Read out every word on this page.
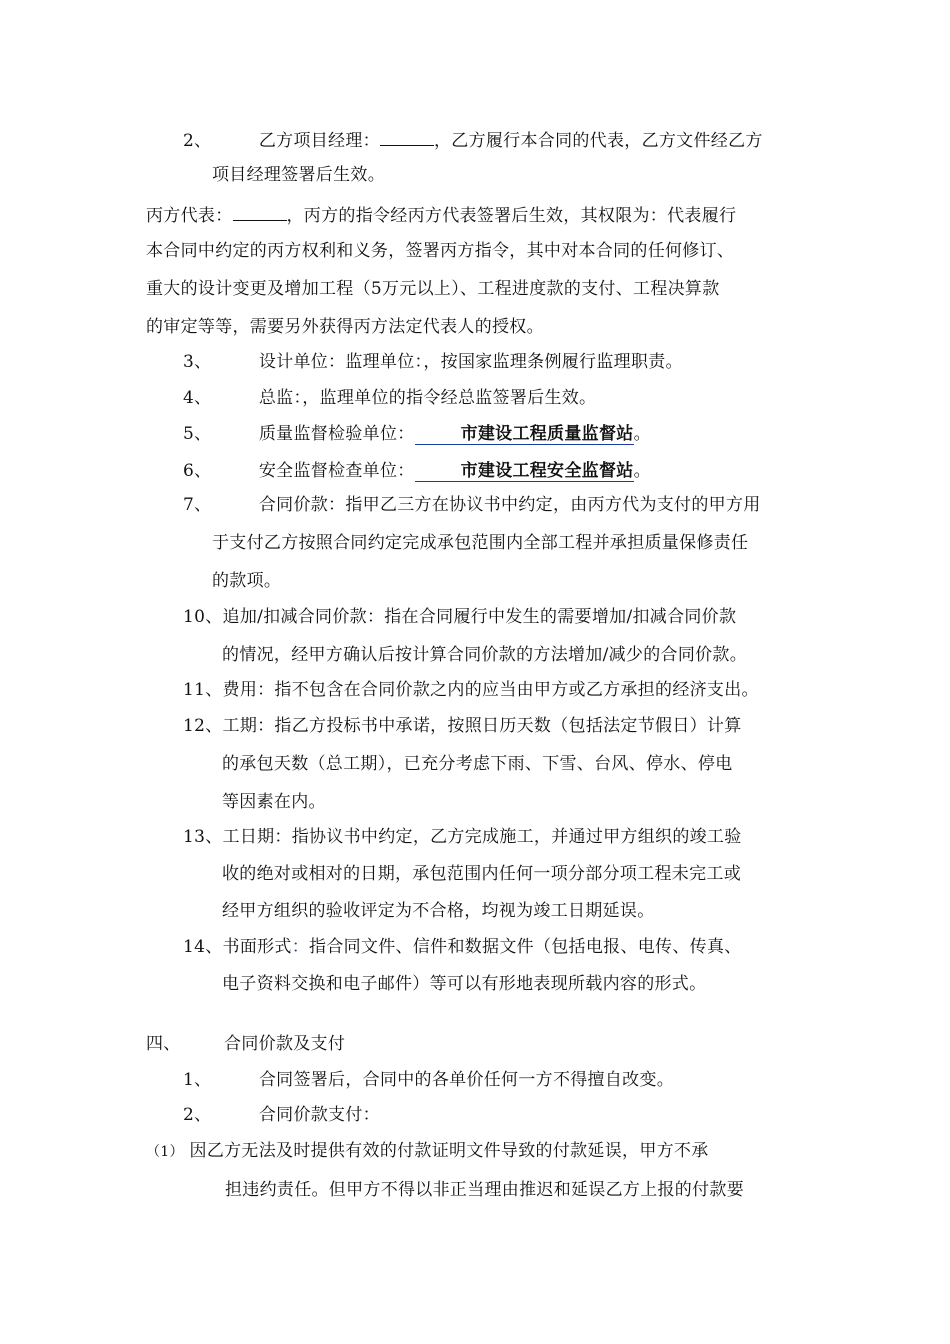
2、	乙方项目经理：	，乙方履行本合同的代表，乙方文件经乙方
项目经理签署后生效。
丙方代表：	，丙方的指令经丙方代表签署后生效，其权限为：代表履行
本合同中约定的丙方权利和义务，签署丙方指令，其中对本合同的任何修订、
重大的设计变更及增加工程（5万元以上）、工程进度款的支付、工程决算款
的审定等等，需要另外获得丙方法定代表人的授权。
3、	设计单位：监理单位：，按国家监理条例履行监理职责。
4、	总监：，监理单位的指令经总监签署后生效。
5、	质量监督检验单位：	市建设工程质量监督站。
6、	安全监督检查单位：	市建设工程安全监督站。
7、	合同价款：指甲乙三方在协议书中约定，由丙方代为支付的甲方用
于支付乙方按照合同约定完成承包范围内全部工程并承担质量保修责任
的款项。
10、追加/扣减合同价款：指在合同履行中发生的需要增加/扣减合同价款
的情况，经甲方确认后按计算合同价款的方法增加/减少的合同价款。
11、费用：指不包含在合同价款之内的应当由甲方或乙方承担的经济支出。
12、工期：指乙方投标书中承诺，按照日历天数（包括法定节假日）计算
的承包天数（总工期），已充分考虑下雨、下雪、台风、停水、停电
等因素在内。
13、工日期：指协议书中约定，乙方完成施工，并通过甲方组织的竣工验
收的绝对或相对的日期，承包范围内任何一项分部分项工程未完工或
经甲方组织的验收评定为不合格，均视为竣工日期延误。
14、书面形式：指合同文件、信件和数据文件（包括电报、电传、传真、
电子资料交换和电子邮件）等可以有形地表现所载内容的形式。
四、	合同价款及支付
1、	合同签署后，合同中的各单价任何一方不得擅自改变。
2、	合同价款支付：
（1） 因乙方无法及时提供有效的付款证明文件导致的付款延误，甲方不承
担违约责任。但甲方不得以非正当理由推迟和延误乙方上报的付款要
